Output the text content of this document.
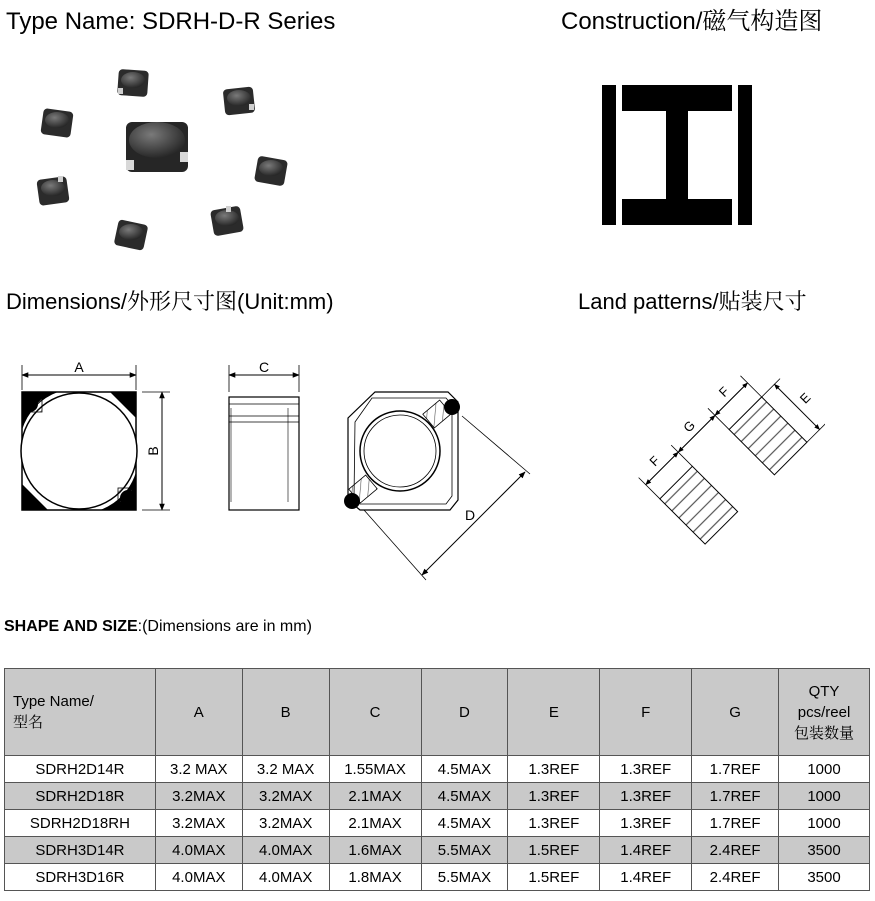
Type Name: SDRH-D-R Series	Construction/磁气构造图
Dimensions/外形尺寸图(Unit:mm)	Land patterns/贴装尺寸
A
B
C
D
F
G
F	E
SHAPE AND SIZE:(Dimensions are in mm)
Type Name/
型名	A	B	C	D	E	F	G	QTY
pcs/reel
包装数量
SDRH2D14R	3.2 MAX	3.2 MAX	1.55MAX	4.5MAX	1.3REF	1.3REF	1.7REF	1000
SDRH2D18R	3.2MAX	3.2MAX	2.1MAX	4.5MAX	1.3REF	1.3REF	1.7REF	1000
SDRH2D18RH	3.2MAX	3.2MAX	2.1MAX	4.5MAX	1.3REF	1.3REF	1.7REF	1000
SDRH3D14R	4.0MAX	4.0MAX	1.6MAX	5.5MAX	1.5REF	1.4REF	2.4REF	3500
SDRH3D16R	4.0MAX	4.0MAX	1.8MAX	5.5MAX	1.5REF	1.4REF	2.4REF	3500
